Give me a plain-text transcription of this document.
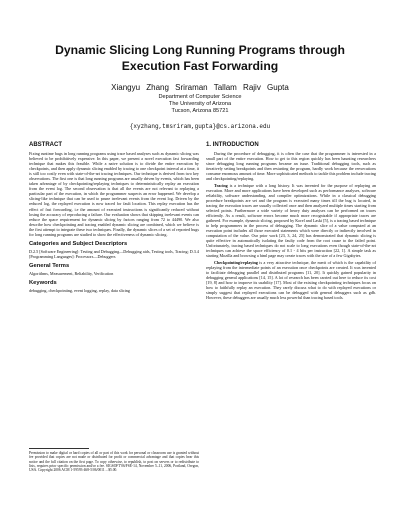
Dynamic Slicing Long Running Programs through Execution Fast Forwarding
Xiangyu Zhang Sriraman Tallam Rajiv Gupta
Department of Computer Science
The University of Arizona
Tucson, Arizona 85721
{xyzhang,tmsriram,gupta}@cs.arizona.edu
ABSTRACT
Fixing runtime bugs in long running programs using trace based analyses such as dynamic slicing was believed to be prohibitively expensive. In this paper, we present a novel execution fast forwarding technique that makes this feasible. While a naive solution is to divide the entire execution by checkpoints, and then apply dynamic slicing enabled by tracing to one checkpoint interval at a time, it is still too costly even with state-of-the-art tracing techniques. Our technique is derived from two key observations. The first one is that long running programs are usually driven by events, which has been taken advantage of by checkpointing/replaying techniques to deterministically replay an execution from the event log. The second observation is that all the events are not relevant to replaying a particular part of the execution, in which the programmer suspects an error happened. We develop a slicing-like technique that can be used to prune irrelevant events from the event log. Driven by the reduced log, the replayed execution is now traced for fault location. This replay execution has the effect of fast forwarding, i.e the amount of executed instructions is significantly reduced without losing the accuracy of reproducing a failure. Our evaluation shows that skipping irrelevant events can reduce the space requirement for dynamic slicing by factors ranging from 72 to 44490. We also describe how checkpointing and tracing enabled dynamic slicing are combined, which we believe is the first attempt to integrate these two techniques. Finally, the dynamic slices of a set of reported bugs for long running programs are studied to show the effectiveness of dynamic slicing.
Categories and Subject Descriptors
D.2.5 [Software Engineering]: Testing and Debugging—Debugging aids, Testing tools, Tracing; D.3.4 [Programming Languages]: Processors—Debuggers
General Terms
Algorithms, Measurement, Reliability, Verification
Keywords
debugging, checkpointing, event logging, replay, data slicing
Permission to make digital or hard copies of all or part of this work for personal or classroom use is granted without fee provided that copies are not made or distributed for profit or commercial advantage and that copies bear this notice and the full citation on the first page. To copy otherwise, to republish, to post on servers or to redistribute to lists, requires prior specific permission and/or a fee. SIGSOFT'06/FSE-14, November 5–11, 2006, Portland, Oregon, USA. Copyright 2006 ACM 1-59593-468-5/06/0011 ...$5.00.
1. INTRODUCTION
During the procedure of debugging, it is often the case that the programmer is interested in a small part of the entire execution. How to get to this region quickly has been haunting researchers since debugging long running programs became an issue. Traditional debugging tools, such as iteratively setting breakpoints and then restarting the program, hardly work because the reexecutions consume enormous amount of time. More sophisticated methods to tackle this problem include tracing and checkpointing/replaying.
Tracing is a technique with a long history. It was invented for the purpose of replaying an execution. More and more applications have been developed such as performance analyses, software reliability, software understanding, and compiler optimizations. While in a classical debugging procedure breakpoints are set and the program is executed many times till the bug is located, in tracing the execution traces are usually collected once and then analyzed multiple times starting from selected points. Furthermore a wide variety of heavy duty analyses can be performed on traces efficiently. As a result, software errors become much more recognizable if appropriate traces are gathered. For example, dynamic slicing, proposed by Korel and Laski [5], is a tracing based technique to help programmers in the process of debugging. The dynamic slice of a value computed at an execution point includes all those executed statements which were directly or indirectly involved in computation of the value. Our prior work [23, 3, 24, 25] has demonstrated that dynamic slicing is quite effective in automatically isolating the faulty code from the root cause to the failed point. Unfortunately, tracing based techniques do not scale to long executions even though state-of-the-art techniques can achieve the space efficiency of 0.1 - 4 bits per instruction [22, 1]. A simple task as starting Mozilla and browsing a html page may create traces with the size of a few Gigabytes.
Checkpointing/replaying is a very attractive technique, the merit of which is the capability of replaying from the intermediate points of an execution once checkpoints are created. It was invented to facilitate debugging parallel and distributed programs [11, 20]. It quickly gained popularity in debugging general applications [14, 15]. A lot of research has been carried out here to reduce its cost [19, 8] and how to improve its usability [17]. Most of the existing checkpointing techniques focus on how to faithfully replay an execution. They rarely discuss what to do with replayed executions or simply suggest that replayed executions can be debugged with general debuggers such as gdb. However, these debuggers are usually much less powerful than tracing based tools.
